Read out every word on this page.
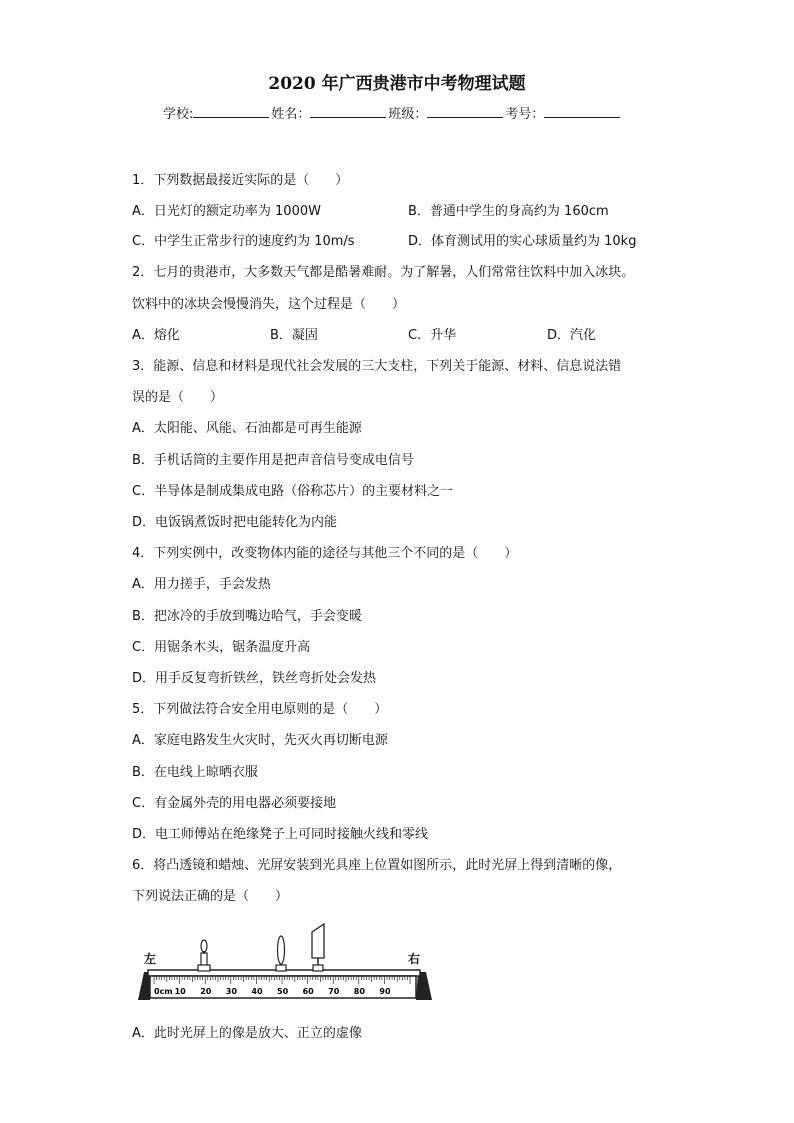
2020 年广西贵港市中考物理试题
学校:	姓名：	班级：	考号：
1．下列数据最接近实际的是（　　）
A．日光灯的额定功率为 1000W	B．普通中学生的身高约为 160cm
C．中学生正常步行的速度约为 10m/s	D．体育测试用的实心球质量约为 10kg
2．七月的贵港市，大多数天气都是酷暑难耐。为了解暑，人们常常往饮料中加入冰块。
饮料中的冰块会慢慢消失，这个过程是（　　）
A．熔化	B．凝固	C．升华	D．汽化
3．能源、信息和材料是现代社会发展的三大支柱，下列关于能源、材料、信息说法错
误的是（　　）
A．太阳能、风能、石油都是可再生能源
B．手机话筒的主要作用是把声音信号变成电信号
C．半导体是制成集成电路（俗称芯片）的主要材料之一
D．电饭锅煮饭时把电能转化为内能
4．下列实例中，改变物体内能的途径与其他三个不同的是（　　）
A．用力搓手，手会发热
B．把冰冷的手放到嘴边哈气，手会变暖
C．用锯条木头，锯条温度升高
D．用手反复弯折铁丝，铁丝弯折处会发热
5．下列做法符合安全用电原则的是（　　）
A．家庭电路发生火灾时，先灭火再切断电源
B．在电线上晾晒衣服
C．有金属外壳的用电器必须要接地
D．电工师傅站在绝缘凳子上可同时接触火线和零线
6．将凸透镜和蜡烛、光屏安装到光具座上位置如图所示，此时光屏上得到清晰的像，
下列说法正确的是（　　）
左	右
0cm 10 20 30 40 50 60 70 80 90
A．此时光屏上的像是放大、正立的虚像
